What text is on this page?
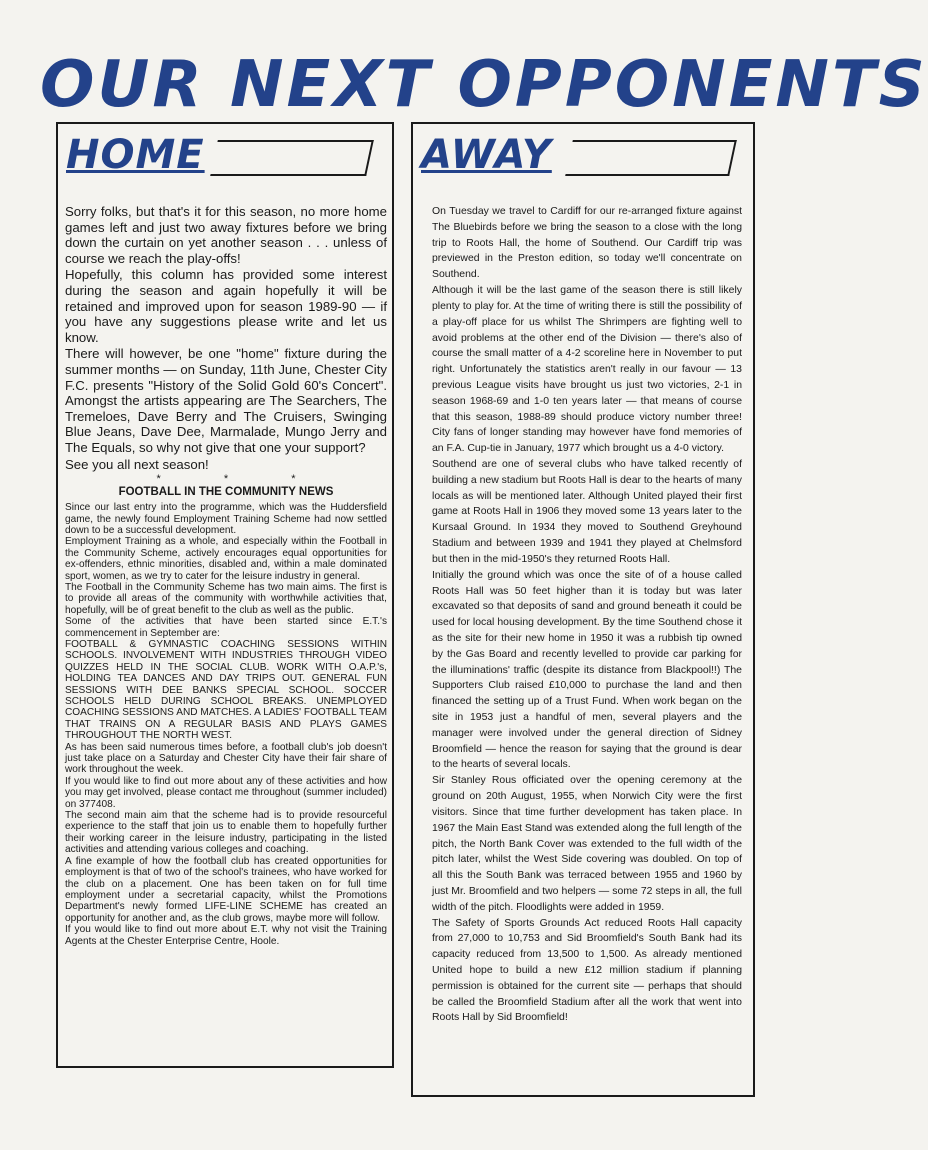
OUR NEXT OPPONENTS
HOME

Sorry folks, but that's it for this season, no more home games left and just two away fixtures before we bring down the curtain on yet another season . . . unless of course we reach the play-offs!

Hopefully, this column has provided some interest during the season and again hopefully it will be retained and improved upon for season 1989-90 — if you have any suggestions please write and let us know.

There will however, be one "home" fixture during the summer months — on Sunday, 11th June, Chester City F.C. presents "History of the Solid Gold 60's Concert". Amongst the artists appearing are The Searchers, The Tremeloes, Dave Berry and The Cruisers, Swinging Blue Jeans, Dave Dee, Marmalade, Mungo Jerry and The Equals, so why not give that one your support?

See you all next season!

* * *
FOOTBALL IN THE COMMUNITY NEWS

Since our last entry into the programme, which was the Huddersfield game, the newly found Employment Training Scheme had now settled down to be a successful development.

Employment Training as a whole, and especially within the Football in the Community Scheme, actively encourages equal opportunities for ex-offenders, ethnic minorities, disabled and, within a male dominated sport, women, as we try to cater for the leisure industry in general.

The Football in the Community Scheme has two main aims. The first is to provide all areas of the community with worthwhile activities that, hopefully, will be of great benefit to the club as well as the public.

Some of the activities that have been started since E.T.'s commencement in September are:

FOOTBALL & GYMNASTIC COACHING SESSIONS WITHIN SCHOOLS. INVOLVEMENT WITH INDUSTRIES THROUGH VIDEO QUIZZES HELD IN THE SOCIAL CLUB. WORK WITH O.A.P.'s, HOLDING TEA DANCES AND DAY TRIPS OUT. GENERAL FUN SESSIONS WITH DEE BANKS SPECIAL SCHOOL. SOCCER SCHOOLS HELD DURING SCHOOL BREAKS. UNEMPLOYED COACHING SESSIONS AND MATCHES. A LADIES' FOOTBALL TEAM THAT TRAINS ON A REGULAR BASIS AND PLAYS GAMES THROUGHOUT THE NORTH WEST.

As has been said numerous times before, a football club's job doesn't just take place on a Saturday and Chester City have their fair share of work throughout the week.

If you would like to find out more about any of these activities and how you may get involved, please contact me throughout (summer included) on 377408.

The second main aim that the scheme had is to provide resourceful experience to the staff that join us to enable them to hopefully further their working career in the leisure industry, participating in the listed activities and attending various colleges and coaching.

A fine example of how the football club has created opportunities for employment is that of two of the school's trainees, who have worked for the club on a placement. One has been taken on for full time employment under a secretarial capacity, whilst the Promotions Department's newly formed LIFE-LINE SCHEME has created an opportunity for another and, as the club grows, maybe more will follow.

If you would like to find out more about E.T. why not visit the Training Agents at the Chester Enterprise Centre, Hoole.

AWAY

On Tuesday we travel to Cardiff for our re-arranged fixture against The Bluebirds before we bring the season to a close with the long trip to Roots Hall, the home of Southend. Our Cardiff trip was previewed in the Preston edition, so today we'll concentrate on Southend.

Although it will be the last game of the season there is still likely plenty to play for. At the time of writing there is still the possibility of a play-off place for us whilst The Shrimpers are fighting well to avoid problems at the other end of the Division — there's also of course the small matter of a 4-2 scoreline here in November to put right. Unfortunately the statistics aren't really in our favour — 13 previous League visits have brought us just two victories, 2-1 in season 1968-69 and 1-0 ten years later — that means of course that this season, 1988-89 should produce victory number three! City fans of longer standing may however have fond memories of an F.A. Cup-tie in January, 1977 which brought us a 4-0 victory.

Southend are one of several clubs who have talked recently of building a new stadium but Roots Hall is dear to the hearts of many locals as will be mentioned later. Although United played their first game at Roots Hall in 1906 they moved some 13 years later to the Kursaal Ground. In 1934 they moved to Southend Greyhound Stadium and between 1939 and 1941 they played at Chelmsford but then in the mid-1950's they returned Roots Hall.

Initially the ground which was once the site of of a house called Roots Hall was 50 feet higher than it is today but was later excavated so that deposits of sand and ground beneath it could be used for local housing development. By the time Southend chose it as the site for their new home in 1950 it was a rubbish tip owned by the Gas Board and recently levelled to provide car parking for the illuminations' traffic (despite its distance from Blackpool!!) The Supporters Club raised £10,000 to purchase the land and then financed the setting up of a Trust Fund. When work began on the site in 1953 just a handful of men, several players and the manager were involved under the general direction of Sidney Broomfield — hence the reason for saying that the ground is dear to the hearts of several locals.

Sir Stanley Rous officiated over the opening ceremony at the ground on 20th August, 1955, when Norwich City were the first visitors. Since that time further development has taken place. In 1967 the Main East Stand was extended along the full length of the pitch, the North Bank Cover was extended to the full width of the pitch later, whilst the West Side covering was doubled. On top of all this the South Bank was terraced between 1955 and 1960 by just Mr. Broomfield and two helpers — some 72 steps in all, the full width of the pitch. Floodlights were added in 1959.

The Safety of Sports Grounds Act reduced Roots Hall capacity from 27,000 to 10,753 and Sid Broomfield's South Bank had its capacity reduced from 13,500 to 1,500. As already mentioned United hope to build a new £12 million stadium if planning permission is obtained for the current site — perhaps that should be called the Broomfield Stadium after all the work that went into Roots Hall by Sid Broomfield!
